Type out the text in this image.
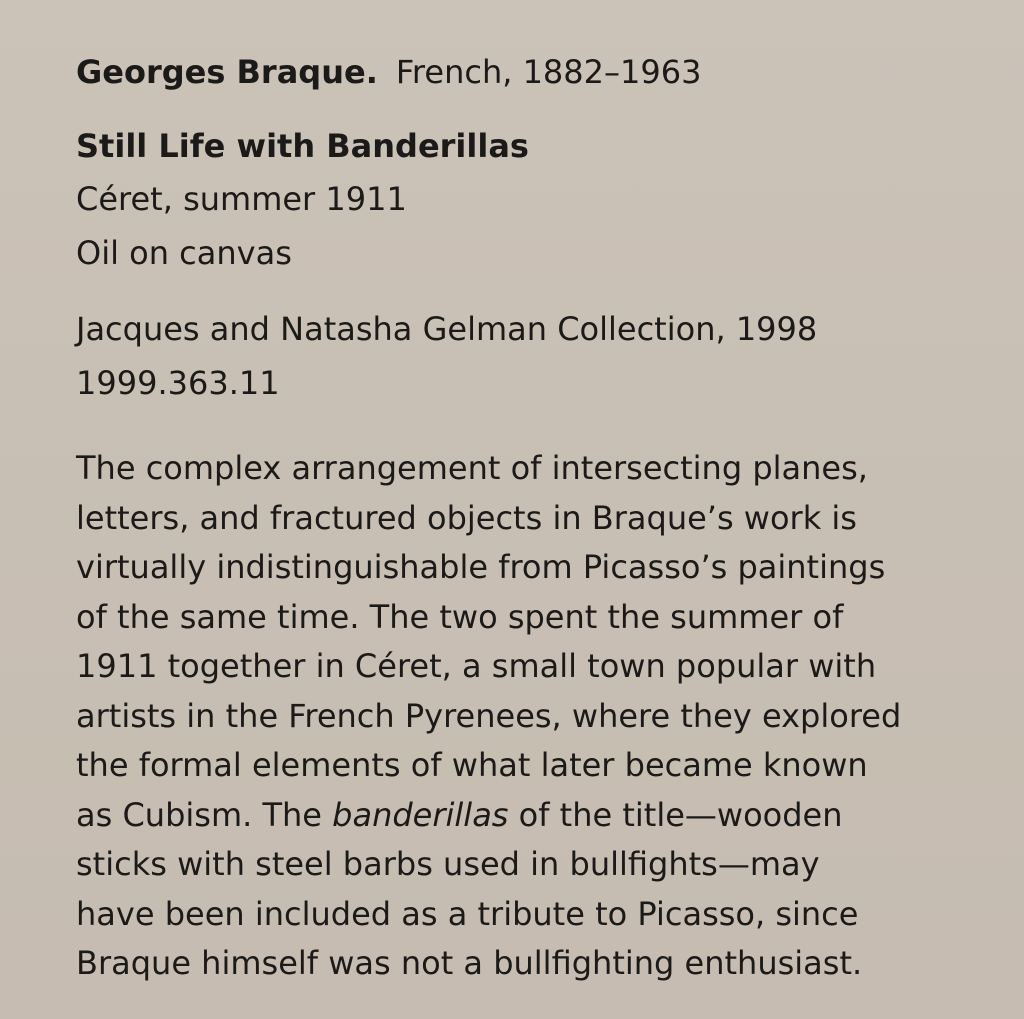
Georges Braque. French, 1882–1963

Still Life with Banderillas

Céret, summer 1911

Oil on canvas

Jacques and Natasha Gelman Collection, 1998

1999.363.11

The complex arrangement of intersecting planes,

letters, and fractured objects in Braque’s work is

virtually indistinguishable from Picasso’s paintings

of the same time. The two spent the summer of

1911 together in Céret, a small town popular with

artists in the French Pyrenees, where they explored

the formal elements of what later became known

as Cubism. The banderillas of the title—wooden

sticks with steel barbs used in bullfights—may

have been included as a tribute to Picasso, since

Braque himself was not a bullfighting enthusiast.
